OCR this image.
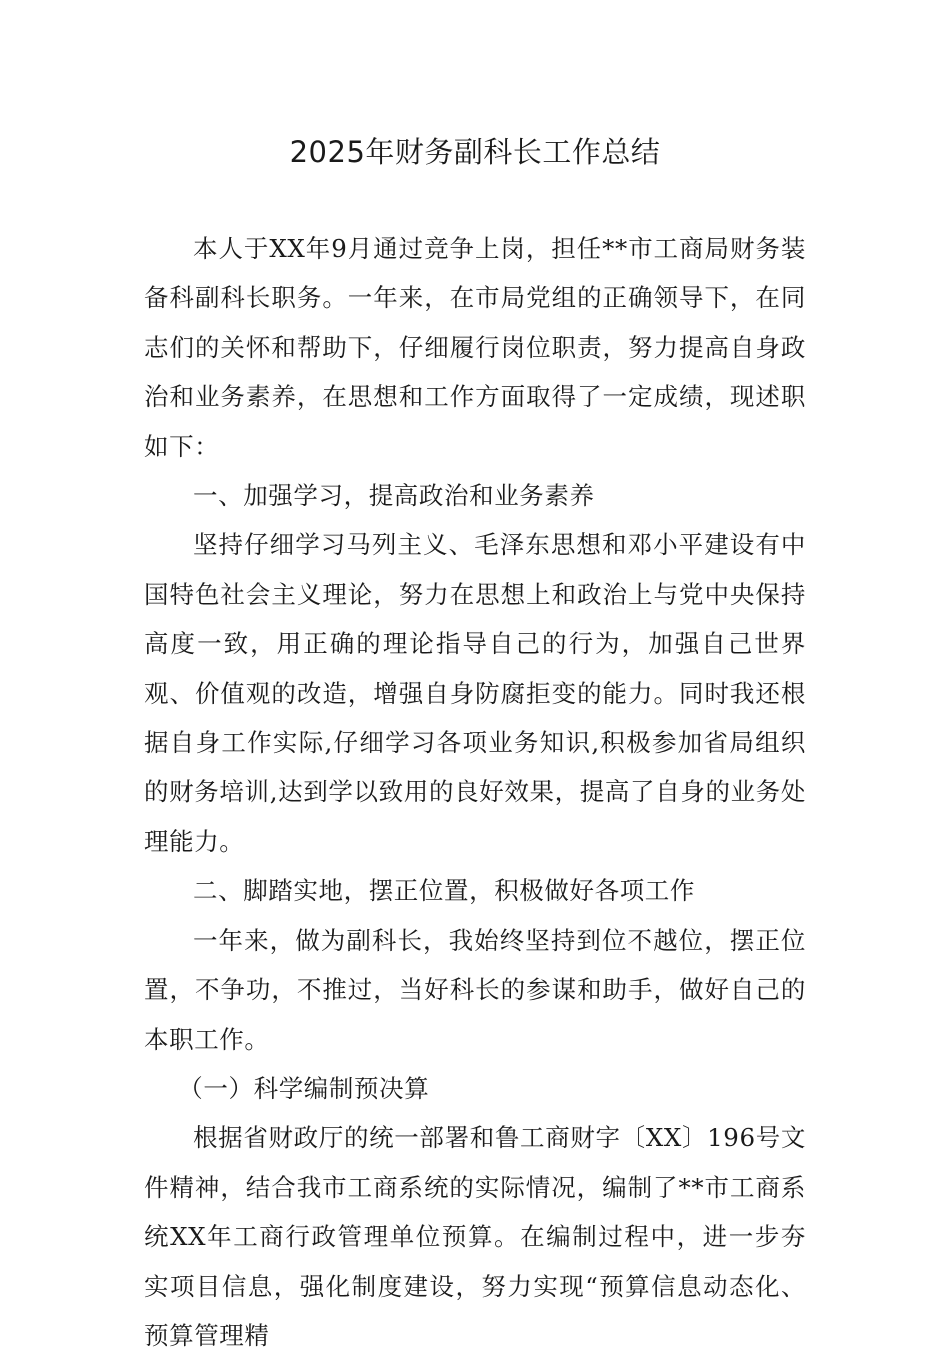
2025年财务副科长工作总结

本人于XX年9月通过竞争上岗，担任**市工商局财务装备科副科长职务。一年来，在市局党组的正确领导下，在同志们的关怀和帮助下，仔细履行岗位职责，努力提高自身政治和业务素养，在思想和工作方面取得了一定成绩，现述职如下：

一、加强学习，提高政治和业务素养

坚持仔细学习马列主义、毛泽东思想和邓小平建设有中国特色社会主义理论，努力在思想上和政治上与党中央保持高度一致，用正确的理论指导自己的行为，加强自己世界观、价值观的改造，增强自身防腐拒变的能力。同时我还根据自身工作实际,仔细学习各项业务知识,积极参加省局组织的财务培训,达到学以致用的良好效果，提高了自身的业务处理能力。

二、脚踏实地，摆正位置，积极做好各项工作

一年来，做为副科长，我始终坚持到位不越位，摆正位置，不争功，不推过，当好科长的参谋和助手，做好自己的本职工作。

（一）科学编制预决算

根据省财政厅的统一部署和鲁工商财字〔XX〕196号文件精神，结合我市工商系统的实际情况，编制了**市工商系统XX年工商行政管理单位预算。在编制过程中，进一步夯实项目信息，强化制度建设，努力实现“预算信息动态化、预算管理精
